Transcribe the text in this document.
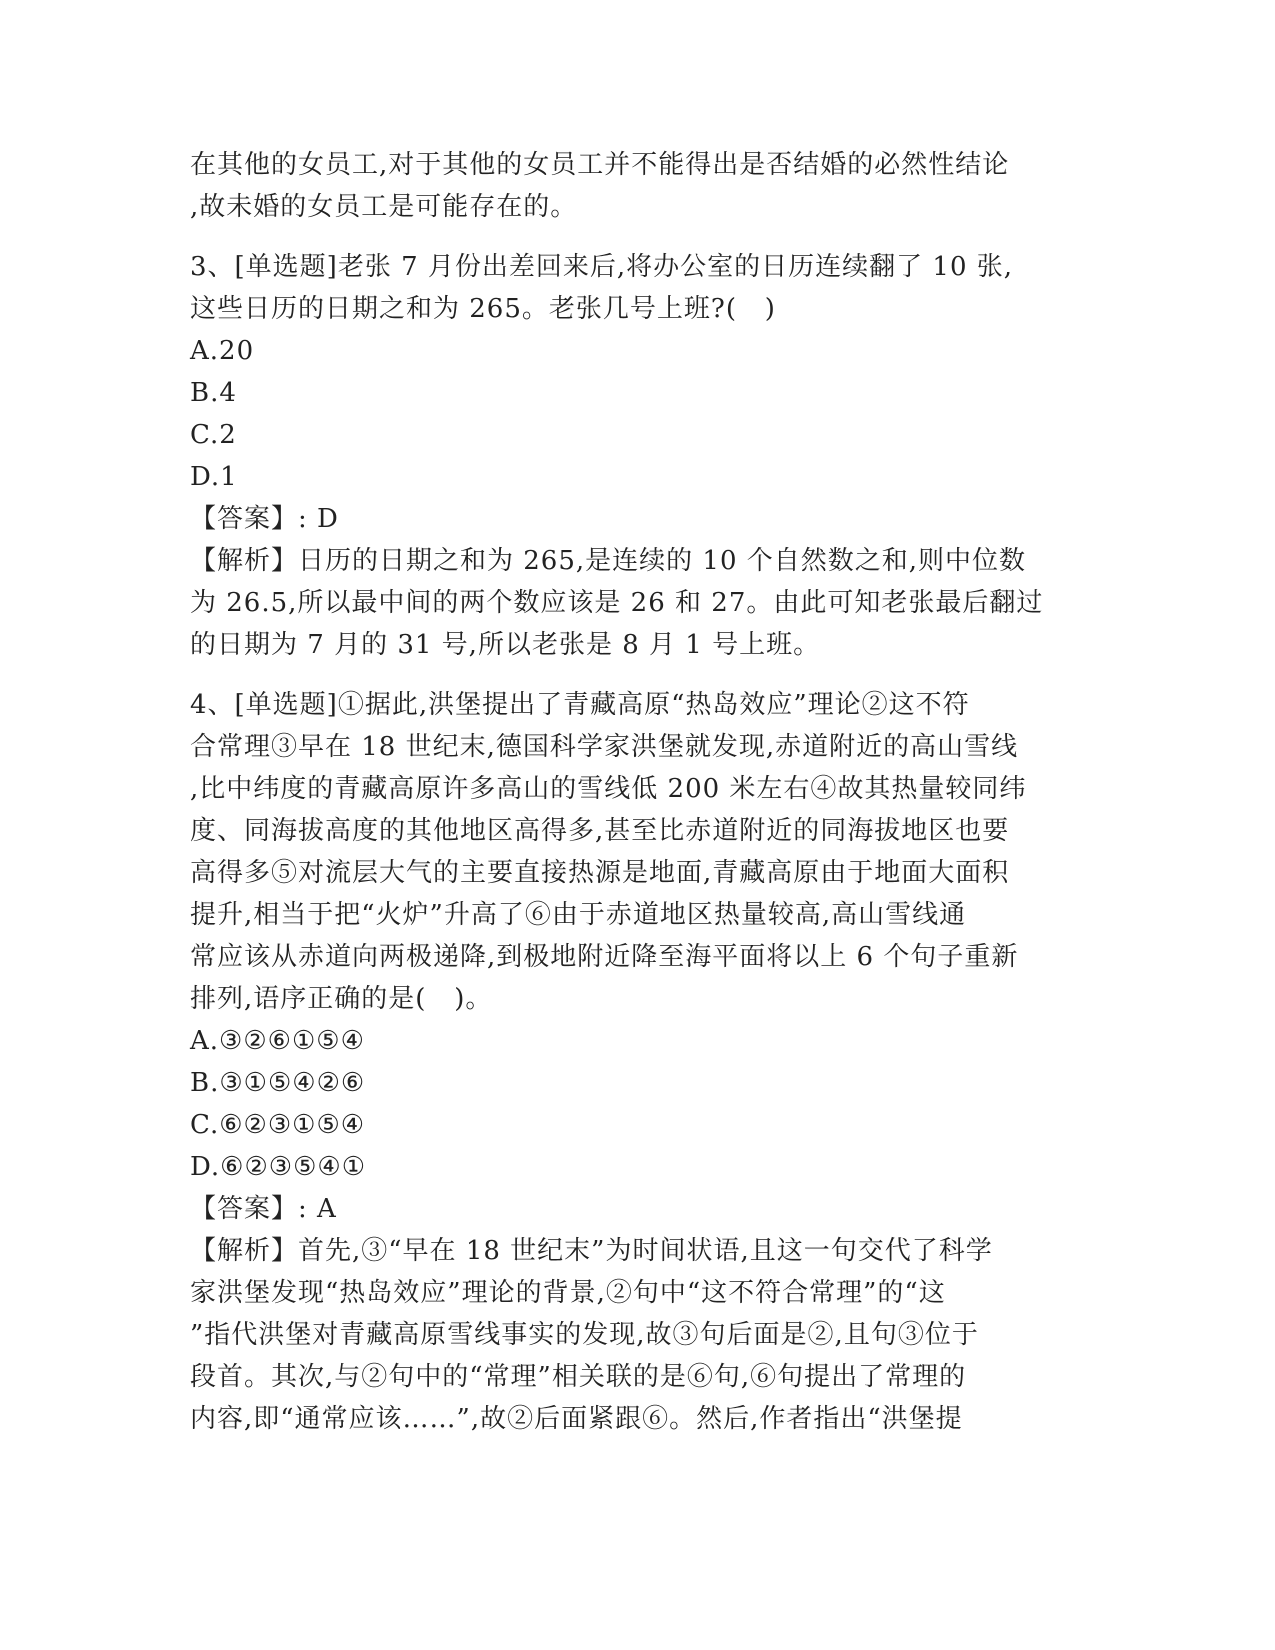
在其他的女员工,对于其他的女员工并不能得出是否结婚的必然性结论
,故未婚的女员工是可能存在的。
3、[单选题]老张 7 月份出差回来后,将办公室的日历连续翻了 10 张,
这些日历的日期之和为 265。老张几号上班?(   )
A.20
B.4
C.2
D.1
【答案】: D
【解析】日历的日期之和为 265,是连续的 10 个自然数之和,则中位数
为 26.5,所以最中间的两个数应该是 26 和 27。由此可知老张最后翻过
的日期为 7 月的 31 号,所以老张是 8 月 1 号上班。
4、[单选题]①据此,洪堡提出了青藏高原“热岛效应”理论②这不符
合常理③早在 18 世纪末,德国科学家洪堡就发现,赤道附近的高山雪线
,比中纬度的青藏高原许多高山的雪线低 200 米左右④故其热量较同纬
度、同海拔高度的其他地区高得多,甚至比赤道附近的同海拔地区也要
高得多⑤对流层大气的主要直接热源是地面,青藏高原由于地面大面积
提升,相当于把“火炉”升高了⑥由于赤道地区热量较高,高山雪线通
常应该从赤道向两极递降,到极地附近降至海平面将以上 6 个句子重新
排列,语序正确的是(   )。
A.③②⑥①⑤④
B.③①⑤④②⑥
C.⑥②③①⑤④
D.⑥②③⑤④①
【答案】: A
【解析】首先,③“早在 18 世纪末”为时间状语,且这一句交代了科学
家洪堡发现“热岛效应”理论的背景,②句中“这不符合常理”的“这
”指代洪堡对青藏高原雪线事实的发现,故③句后面是②,且句③位于
段首。其次,与②句中的“常理”相关联的是⑥句,⑥句提出了常理的
内容,即“通常应该……”,故②后面紧跟⑥。然后,作者指出“洪堡提
